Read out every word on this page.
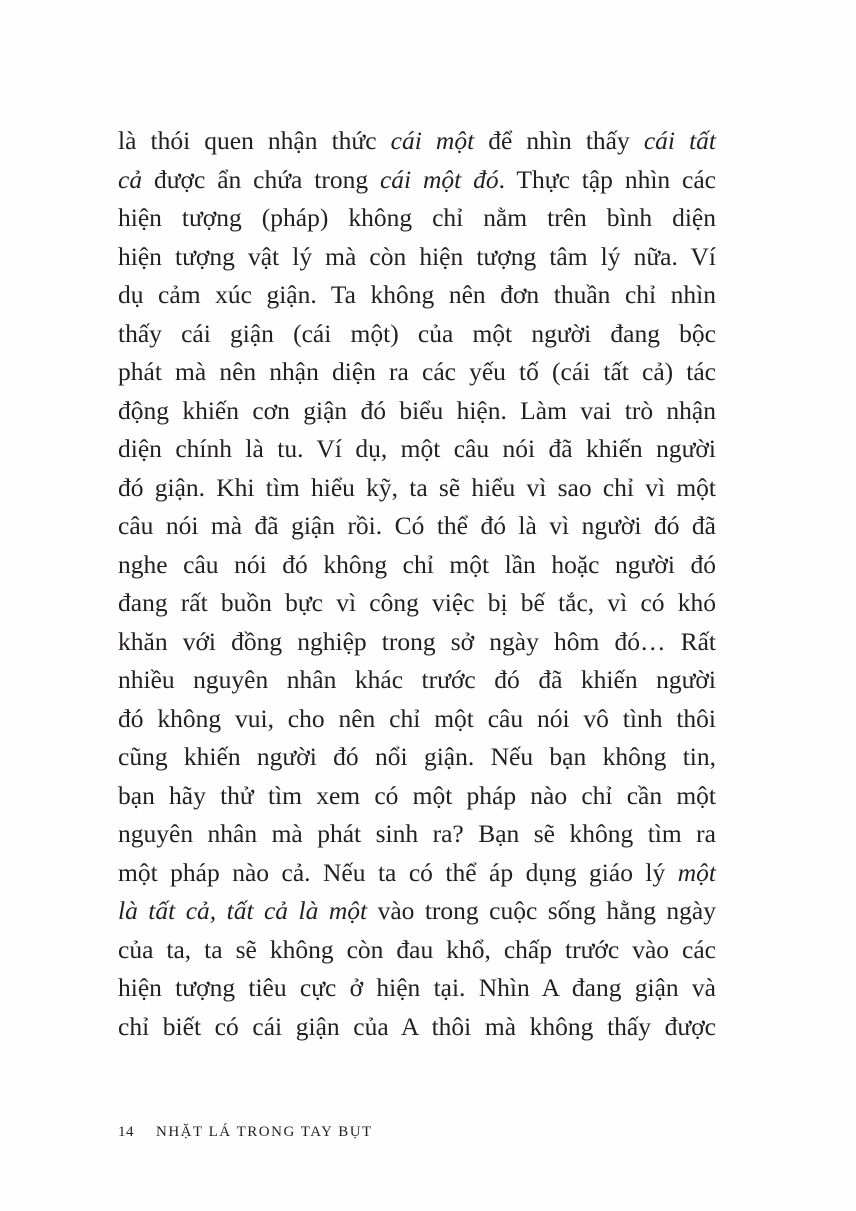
là thói quen nhận thức cái một để nhìn thấy cái tất
cả được ẩn chứa trong cái một đó. Thực tập nhìn các
hiện tượng (pháp) không chỉ nằm trên bình diện
hiện tượng vật lý mà còn hiện tượng tâm lý nữa. Ví
dụ cảm xúc giận. Ta không nên đơn thuần chỉ nhìn
thấy cái giận (cái một) của một người đang bộc
phát mà nên nhận diện ra các yếu tố (cái tất cả) tác
động khiến cơn giận đó biểu hiện. Làm vai trò nhận
diện chính là tu. Ví dụ, một câu nói đã khiến người
đó giận. Khi tìm hiểu kỹ, ta sẽ hiểu vì sao chỉ vì một
câu nói mà đã giận rồi. Có thể đó là vì người đó đã
nghe câu nói đó không chỉ một lần hoặc người đó
đang rất buồn bực vì công việc bị bế tắc, vì có khó
khăn với đồng nghiệp trong sở ngày hôm đó… Rất
nhiều nguyên nhân khác trước đó đã khiến người
đó không vui, cho nên chỉ một câu nói vô tình thôi
cũng khiến người đó nổi giận. Nếu bạn không tin,
bạn hãy thử tìm xem có một pháp nào chỉ cần một
nguyên nhân mà phát sinh ra? Bạn sẽ không tìm ra
một pháp nào cả. Nếu ta có thể áp dụng giáo lý một
là tất cả, tất cả là một vào trong cuộc sống hằng ngày
của ta, ta sẽ không còn đau khổ, chấp trước vào các
hiện tượng tiêu cực ở hiện tại. Nhìn A đang giận và
chỉ biết có cái giận của A thôi mà không thấy được
14 NHẶT LÁ TRONG TAY BỤT
